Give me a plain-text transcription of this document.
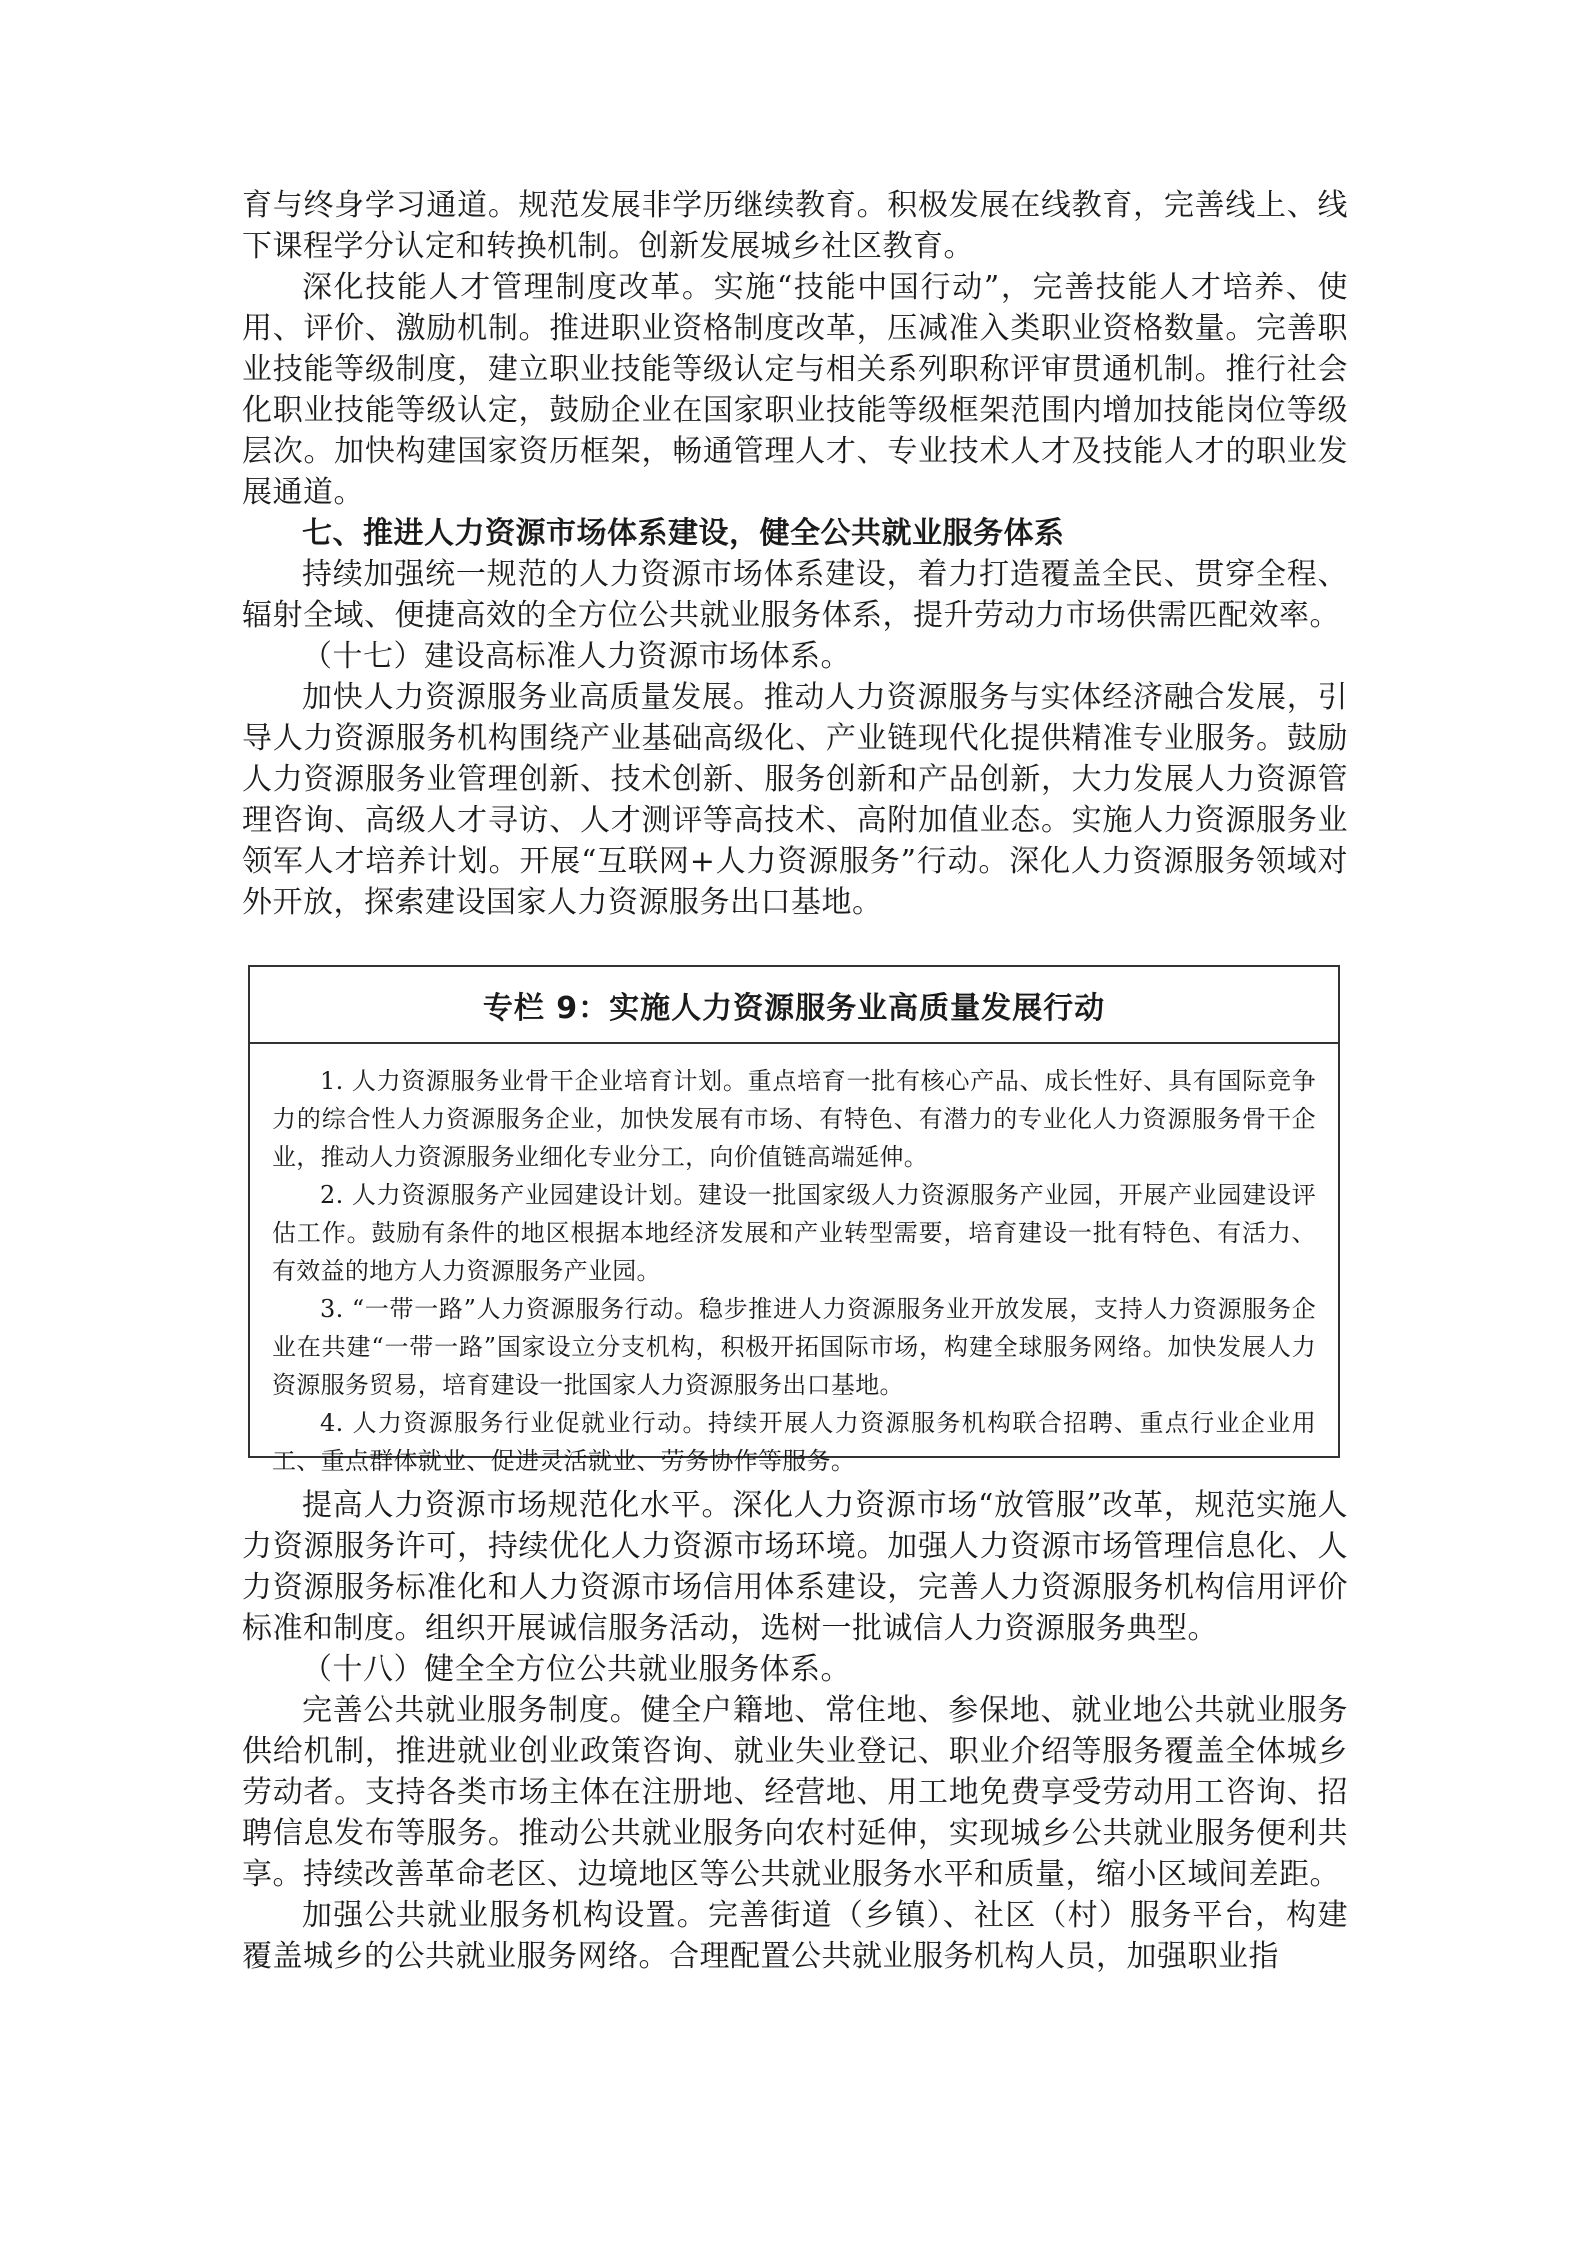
育与终身学习通道。规范发展非学历继续教育。积极发展在线教育，完善线上、线下课程学分认定和转换机制。创新发展城乡社区教育。

深化技能人才管理制度改革。实施“技能中国行动”，完善技能人才培养、使用、评价、激励机制。推进职业资格制度改革，压减准入类职业资格数量。完善职业技能等级制度，建立职业技能等级认定与相关系列职称评审贯通机制。推行社会化职业技能等级认定，鼓励企业在国家职业技能等级框架范围内增加技能岗位等级层次。加快构建国家资历框架，畅通管理人才、专业技术人才及技能人才的职业发展通道。

七、推进人力资源市场体系建设，健全公共就业服务体系

持续加强统一规范的人力资源市场体系建设，着力打造覆盖全民、贯穿全程、辐射全域、便捷高效的全方位公共就业服务体系，提升劳动力市场供需匹配效率。

（十七）建设高标准人力资源市场体系。

加快人力资源服务业高质量发展。推动人力资源服务与实体经济融合发展，引导人力资源服务机构围绕产业基础高级化、产业链现代化提供精准专业服务。鼓励人力资源服务业管理创新、技术创新、服务创新和产品创新，大力发展人力资源管理咨询、高级人才寻访、人才测评等高技术、高附加值业态。实施人力资源服务业领军人才培养计划。开展“互联网+人力资源服务”行动。深化人力资源服务领域对外开放，探索建设国家人力资源服务出口基地。

专栏 9：实施人力资源服务业高质量发展行动

1. 人力资源服务业骨干企业培育计划。重点培育一批有核心产品、成长性好、具有国际竞争力的综合性人力资源服务企业，加快发展有市场、有特色、有潜力的专业化人力资源服务骨干企业，推动人力资源服务业细化专业分工，向价值链高端延伸。

2. 人力资源服务产业园建设计划。建设一批国家级人力资源服务产业园，开展产业园建设评估工作。鼓励有条件的地区根据本地经济发展和产业转型需要，培育建设一批有特色、有活力、有效益的地方人力资源服务产业园。

3. “一带一路”人力资源服务行动。稳步推进人力资源服务业开放发展，支持人力资源服务企业在共建“一带一路”国家设立分支机构，积极开拓国际市场，构建全球服务网络。加快发展人力资源服务贸易，培育建设一批国家人力资源服务出口基地。

4. 人力资源服务行业促就业行动。持续开展人力资源服务机构联合招聘、重点行业企业用工、重点群体就业、促进灵活就业、劳务协作等服务。

提高人力资源市场规范化水平。深化人力资源市场“放管服”改革，规范实施人力资源服务许可，持续优化人力资源市场环境。加强人力资源市场管理信息化、人力资源服务标准化和人力资源市场信用体系建设，完善人力资源服务机构信用评价标准和制度。组织开展诚信服务活动，选树一批诚信人力资源服务典型。

（十八）健全全方位公共就业服务体系。

完善公共就业服务制度。健全户籍地、常住地、参保地、就业地公共就业服务供给机制，推进就业创业政策咨询、就业失业登记、职业介绍等服务覆盖全体城乡劳动者。支持各类市场主体在注册地、经营地、用工地免费享受劳动用工咨询、招聘信息发布等服务。推动公共就业服务向农村延伸，实现城乡公共就业服务便利共享。持续改善革命老区、边境地区等公共就业服务水平和质量，缩小区域间差距。

加强公共就业服务机构设置。完善街道（乡镇）、社区（村）服务平台，构建覆盖城乡的公共就业服务网络。合理配置公共就业服务机构人员，加强职业指
